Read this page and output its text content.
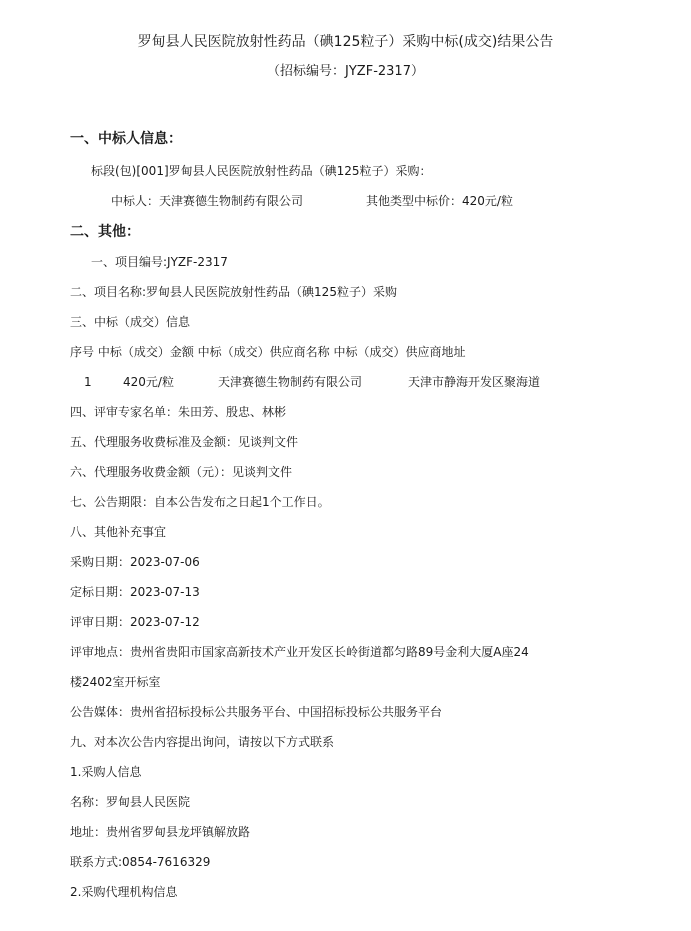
罗甸县人民医院放射性药品（碘125粒子）采购中标(成交)结果公告
（招标编号：JYZF-2317）
一、中标人信息：
标段(包)[001]罗甸县人民医院放射性药品（碘125粒子）采购：
中标人：天津赛德生物制药有限公司	其他类型中标价：420元/粒
二、其他：
一、项目编号:JYZF-2317
二、项目名称:罗甸县人民医院放射性药品（碘125粒子）采购
三、中标（成交）信息
序号 中标（成交）金额 中标（成交）供应商名称 中标（成交）供应商地址
1	420元/粒	天津赛德生物制药有限公司	天津市静海开发区聚海道
四、评审专家名单：朱田芳、殷忠、林彬
五、代理服务收费标准及金额：见谈判文件
六、代理服务收费金额（元）：见谈判文件
七、公告期限：自本公告发布之日起1个工作日。
八、其他补充事宜
采购日期：2023-07-06
定标日期：2023-07-13
评审日期：2023-07-12
评审地点：贵州省贵阳市国家高新技术产业开发区长岭街道都匀路89号金利大厦A座24
楼2402室开标室
公告媒体：贵州省招标投标公共服务平台、中国招标投标公共服务平台
九、对本次公告内容提出询问，请按以下方式联系
1.采购人信息
名称：罗甸县人民医院
地址：贵州省罗甸县龙坪镇解放路
联系方式:0854-7616329
2.采购代理机构信息
